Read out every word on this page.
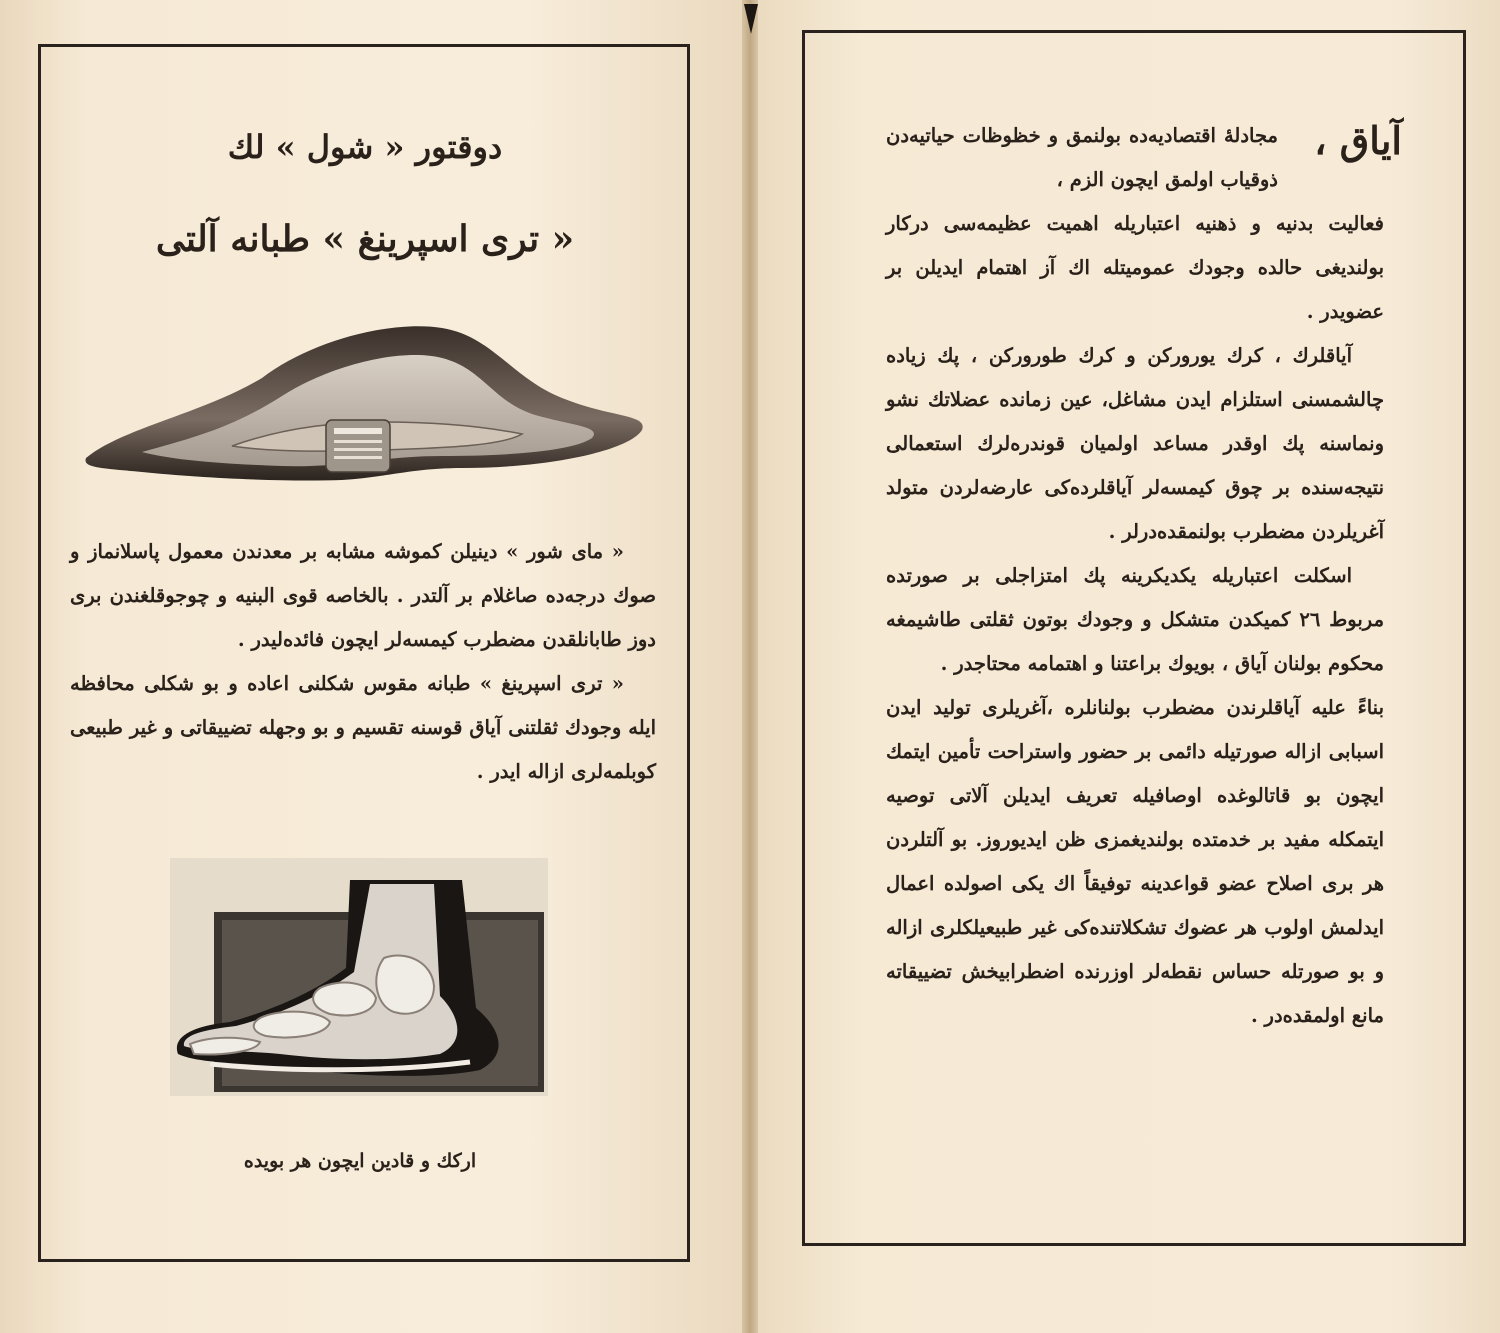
دوقتور « شول » لك
« تری اسپرینغ » طبانه آلتی

« مای شور » دینیلن كموشه مشابه بر معدندن معمول پاسلانماز و صوك درجه‌ده صاغلام بر آلتدر . بالخاصه قوی البنیه و چوجوقلغندن بری دوز طابانلقدن مضطرب كیمسه‌لر ایچون فائده‌لیدر .

« تری اسپرینغ » طبانه مقوس شكلنی اعاده و بو شكلی محافظه ایله وجودك ثقلتنی آیاق قوسنه تقسیم و بو وجهله تضییقاتی و غیر طبیعی كوبلمه‌لری ازاله ایدر .

اركك و قادین ایچون هر بوید‌ه
آیاق ،
مجادلهٔ اقتصادیه‌ده بولنمق و خظوظات حیاتیه‌دن ذوقیاب اولمق ایچون الزم ،

فعالیت بدنیه و ذهنیه اعتباریله اهمیت عظیمه‌سی دركار بولندیغی حالده وجودك عمومیتله اك آز اهتمام ایدیلن بر عضویدر .

آیاقلرك ، كرك یورورکن و كرك طورورکن ، پك زیاده چالشمسنی استلزام ایدن مشاغل، عین زمانده عضلاتك نشو ونماسنه پك اوقدر مساعد اولمیان قوندره‌لرك استعمالی نتیجه‌سنده بر چوق كیمسه‌لر آیاقلرده‌كی عارضه‌لردن متولد آغریلردن مضطرب بولنمقده‌درلر .

اسكلت اعتباریله یكدیكرینه پك امتزاجلی بر صورتده مربوط ٢٦ كمیكدن متشكل و وجودك بوتون ثقلتی طاشیمغه محكوم بولنان آیاق ، بویوك براعتنا و اهتمامه محتاجدر .

بناءً علیه آیاقلرندن مضطرب بولنانلره ،آغریلری تولید ایدن اسبابی ازاله صورتیله دائمی بر حضور واستراحت تأمین ایتمك ایچون بو قاتالوغده اوصافیله تعریف ایدیلن آلاتی توصیه ایتمكله مفید بر خدمتده بولندیغمزی ظن ایدیوروز. بو آلتلردن هر بری اصلاح عضو قواعدینه توفیقاً اك یكی اصولده اعمال ایدلمش اولوب هر عضوك تشكلاتنده‌كی غیر طبیعیلكلری ازاله و بو صورتله حساس نقطه‌لر اوزرنده اضطرابیخش تضییقاته مانع اولمقده‌در .
